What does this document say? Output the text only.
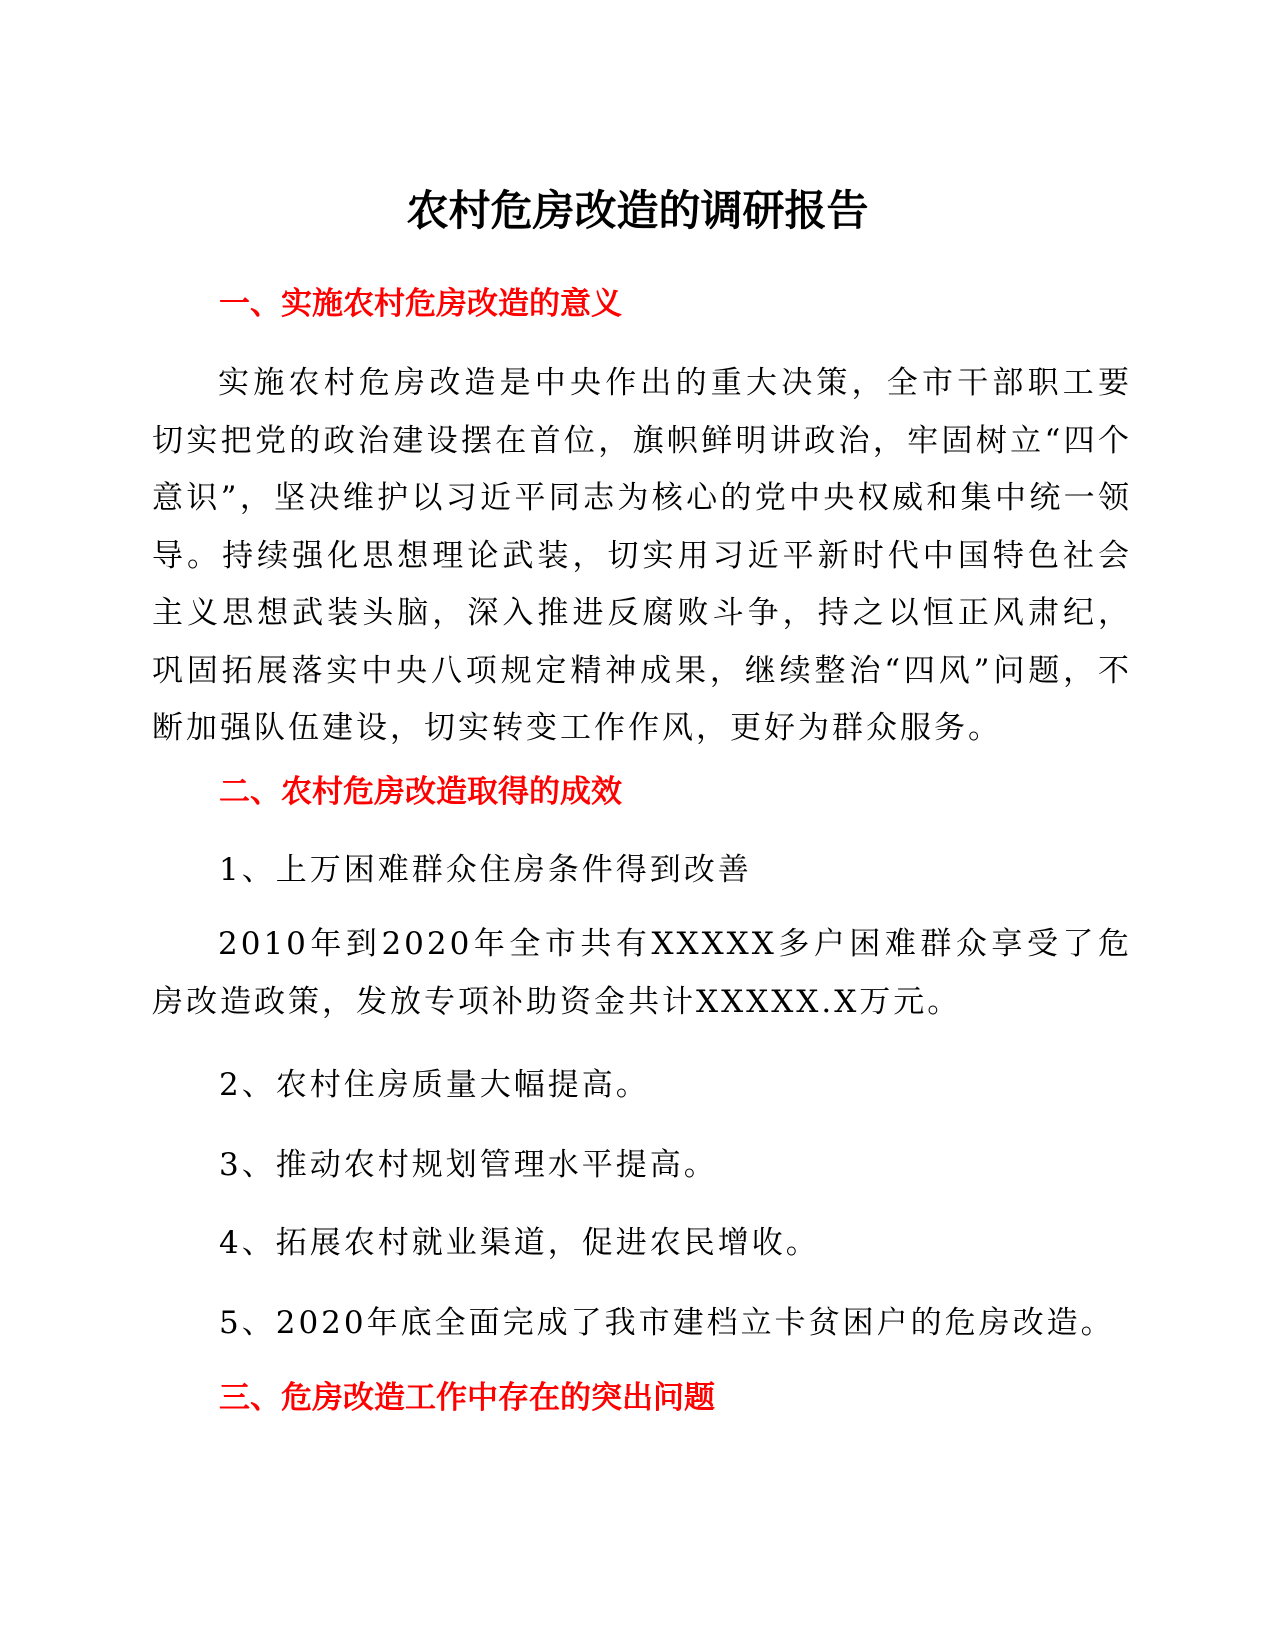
农村危房改造的调研报告
一、实施农村危房改造的意义

实施农村危房改造是中央作出的重大决策，全市干部职工要切实把党的政治建设摆在首位，旗帜鲜明讲政治，牢固树立“四个意识”，坚决维护以习近平同志为核心的党中央权威和集中统一领导。持续强化思想理论武装，切实用习近平新时代中国特色社会主义思想武装头脑，深入推进反腐败斗争，持之以恒正风肃纪，巩固拓展落实中央八项规定精神成果，继续整治“四风”问题，不断加强队伍建设，切实转变工作作风，更好为群众服务。

二、农村危房改造取得的成效

1、上万困难群众住房条件得到改善

2010年到2020年全市共有XXXXX多户困难群众享受了危房改造政策，发放专项补助资金共计XXXXX.X万元。

2、农村住房质量大幅提高。

3、推动农村规划管理水平提高。

4、拓展农村就业渠道，促进农民增收。

5、2020年底全面完成了我市建档立卡贫困户的危房改造。

三、危房改造工作中存在的突出问题
